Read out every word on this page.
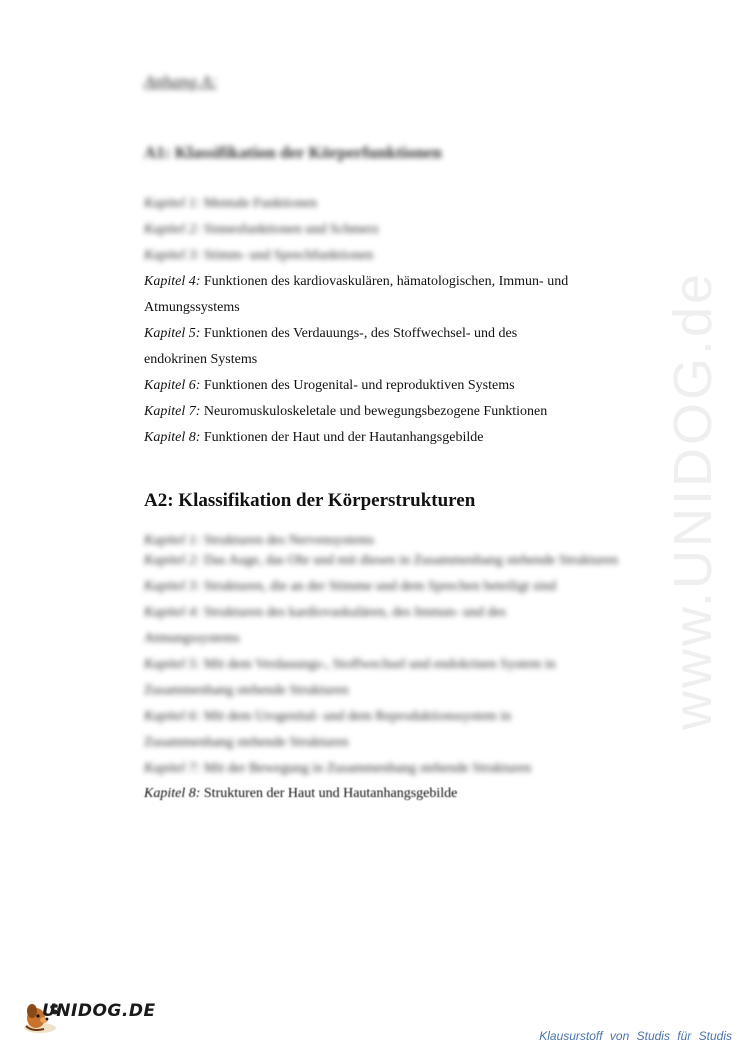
Anhang A:
A1: Klassifikation der Körperfunktionen
Kapitel 1: Mentale Funktionen
Kapitel 2: Sinnesfunktionen und Schmerz
Kapitel 3: Stimm- und Sprechfunktionen
Kapitel 4: Funktionen des kardiovaskulären, hämatologischen, Immun- und
Atmungssystems
Kapitel 5: Funktionen des Verdauungs-, des Stoffwechsel- und des
endokrinen Systems
Kapitel 6: Funktionen des Urogenital- und reproduktiven Systems
Kapitel 7: Neuromuskuloskeletale und bewegungsbezogene Funktionen
Kapitel 8: Funktionen der Haut und der Hautanhangsgebilde
A2: Klassifikation der Körperstrukturen
Kapitel 1: Strukturen des Nervensystems
Kapitel 2: Das Auge, das Ohr und mit diesen in Zusammenhang stehende Strukturen
Kapitel 3: Strukturen, die an der Stimme und dem Sprechen beteiligt sind
Kapitel 4: Strukturen des kardiovaskulären, des Immun- und des
Atmungssystems
Kapitel 5: Mit dem Verdauungs-, Stoffwechsel und endokrinen System in
Zusammenhang stehende Strukturen
Kapitel 6: Mit dem Urogenital- und dem Reproduktionssystem in
Zusammenhang stehende Strukturen
Kapitel 7: Mit der Bewegung in Zusammenhang stehende Strukturen
Kapitel 8: Strukturen der Haut und Hautanhangsgebilde
www.UNIDOG.de
UNIDOG.DE
Klausurstoff von Studis für Studis
